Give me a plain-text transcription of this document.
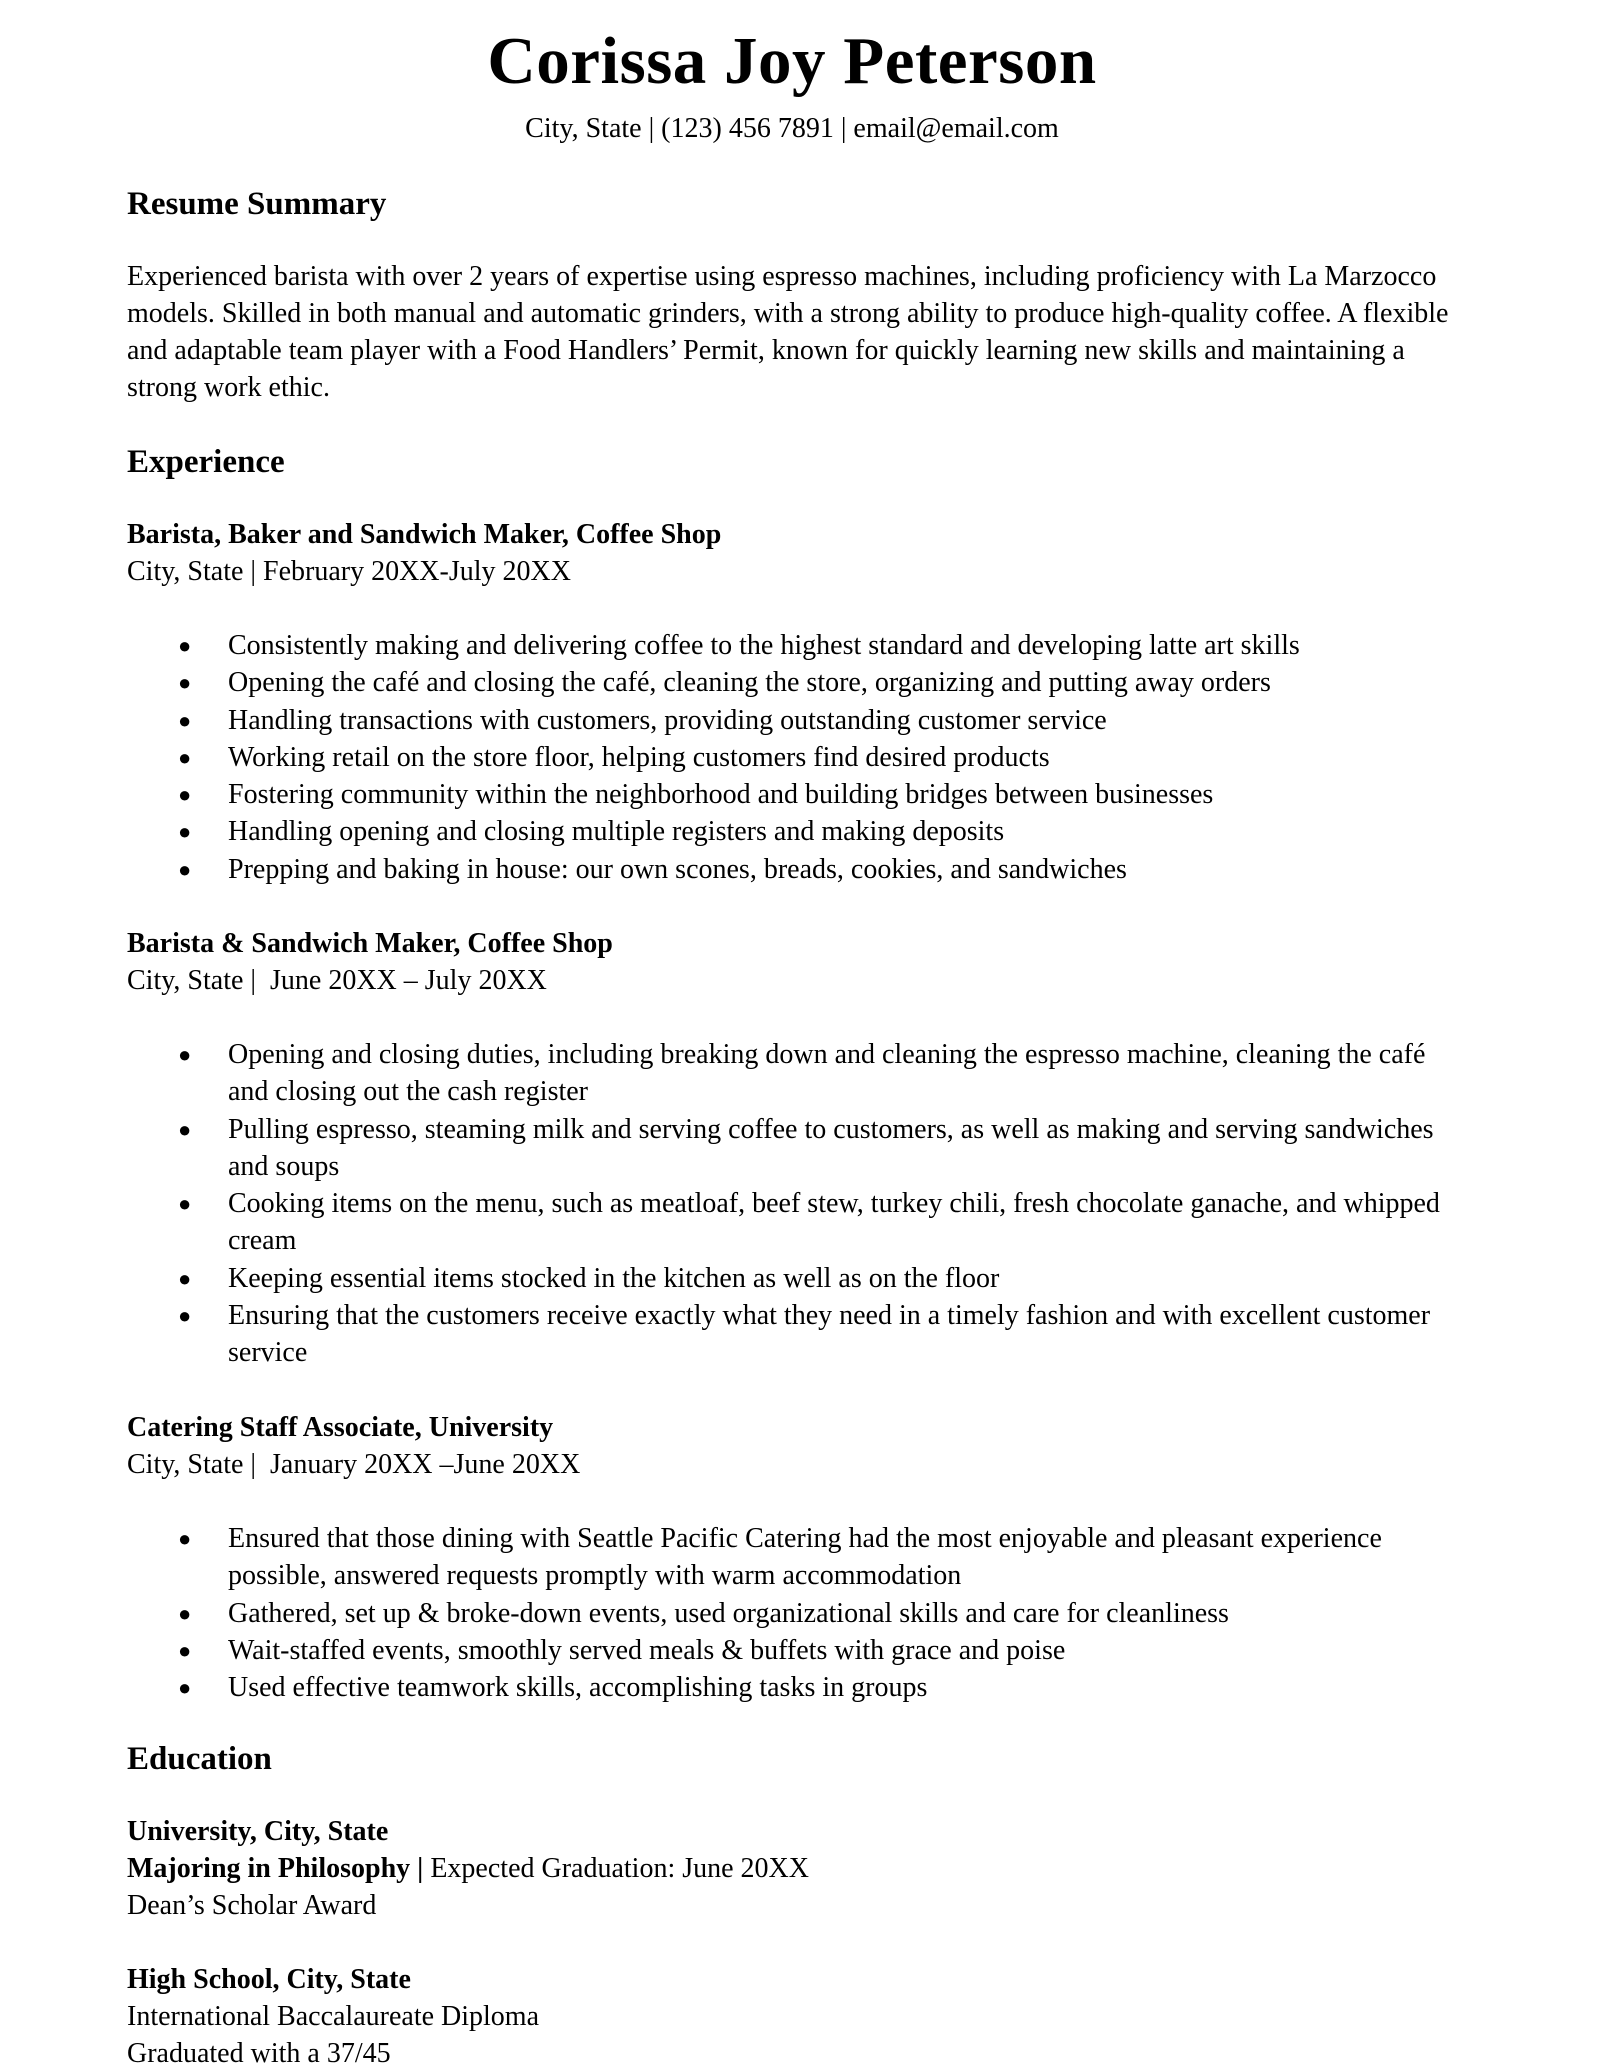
Corissa Joy Peterson

City, State | (123) 456 7891 | email@email.com

Resume Summary

Experienced barista with over 2 years of expertise using espresso machines, including proficiency with La Marzocco models. Skilled in both manual and automatic grinders, with a strong ability to produce high-quality coffee. A flexible and adaptable team player with a Food Handlers’ Permit, known for quickly learning new skills and maintaining a strong work ethic.

Experience

Barista, Baker and Sandwich Maker, Coffee Shop

City, State | February 20XX-July 20XX

● Consistently making and delivering coffee to the highest standard and developing latte art skills
● Opening the café and closing the café, cleaning the store, organizing and putting away orders
● Handling transactions with customers, providing outstanding customer service
● Working retail on the store floor, helping customers find desired products
● Fostering community within the neighborhood and building bridges between businesses
● Handling opening and closing multiple registers and making deposits
● Prepping and baking in house: our own scones, breads, cookies, and sandwiches

Barista & Sandwich Maker, Coffee Shop

City, State |  June 20XX – July 20XX

● Opening and closing duties, including breaking down and cleaning the espresso machine, cleaning the café and closing out the cash register
● Pulling espresso, steaming milk and serving coffee to customers, as well as making and serving sandwiches and soups
● Cooking items on the menu, such as meatloaf, beef stew, turkey chili, fresh chocolate ganache, and whipped cream
● Keeping essential items stocked in the kitchen as well as on the floor
● Ensuring that the customers receive exactly what they need in a timely fashion and with excellent customer service

Catering Staff Associate, University

City, State |  January 20XX –June 20XX

● Ensured that those dining with Seattle Pacific Catering had the most enjoyable and pleasant experience possible, answered requests promptly with warm accommodation
● Gathered, set up & broke-down events, used organizational skills and care for cleanliness
● Wait-staffed events, smoothly served meals & buffets with grace and poise
● Used effective teamwork skills, accomplishing tasks in groups
Education

University, City, State

Majoring in Philosophy | Expected Graduation: June 20XX

Dean’s Scholar Award

High School, City, State

International Baccalaureate Diploma

Graduated with a 37/45
